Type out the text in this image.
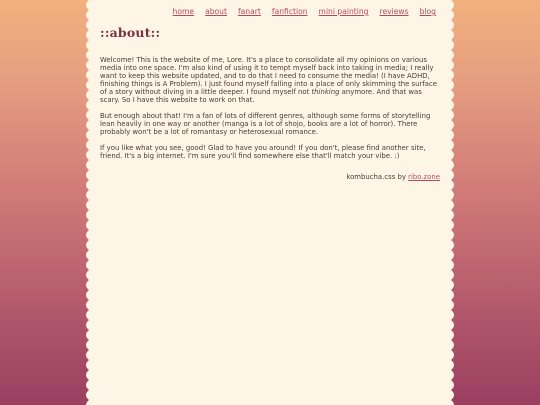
home about fanart fanfiction mini painting reviews blog
::about::

Welcome! This is the website of me, Lore. It's a place to consolidate all my opinions on various media into one space. I'm also kind of using it to tempt myself back into taking in media; I really want to keep this website updated, and to do that I need to consume the media! (I have ADHD, finishing things is A Problem). I just found myself falling into a place of only skimming the surface of a story without diving in a little deeper. I found myself not thinking anymore. And that was scary. So I have this website to work on that.

But enough about that! I'm a fan of lots of different genres, although some forms of storytelling lean heavily in one way or another (manga is a lot of shojo, books are a lot of horror). There probably won't be a lot of romantasy or heterosexual romance.

If you like what you see, good! Glad to have you around! If you don't, please find another site, friend. It's a big internet. I'm sure you'll find somewhere else that'll match your vibe. :)

kombucha.css by ribo.zone
